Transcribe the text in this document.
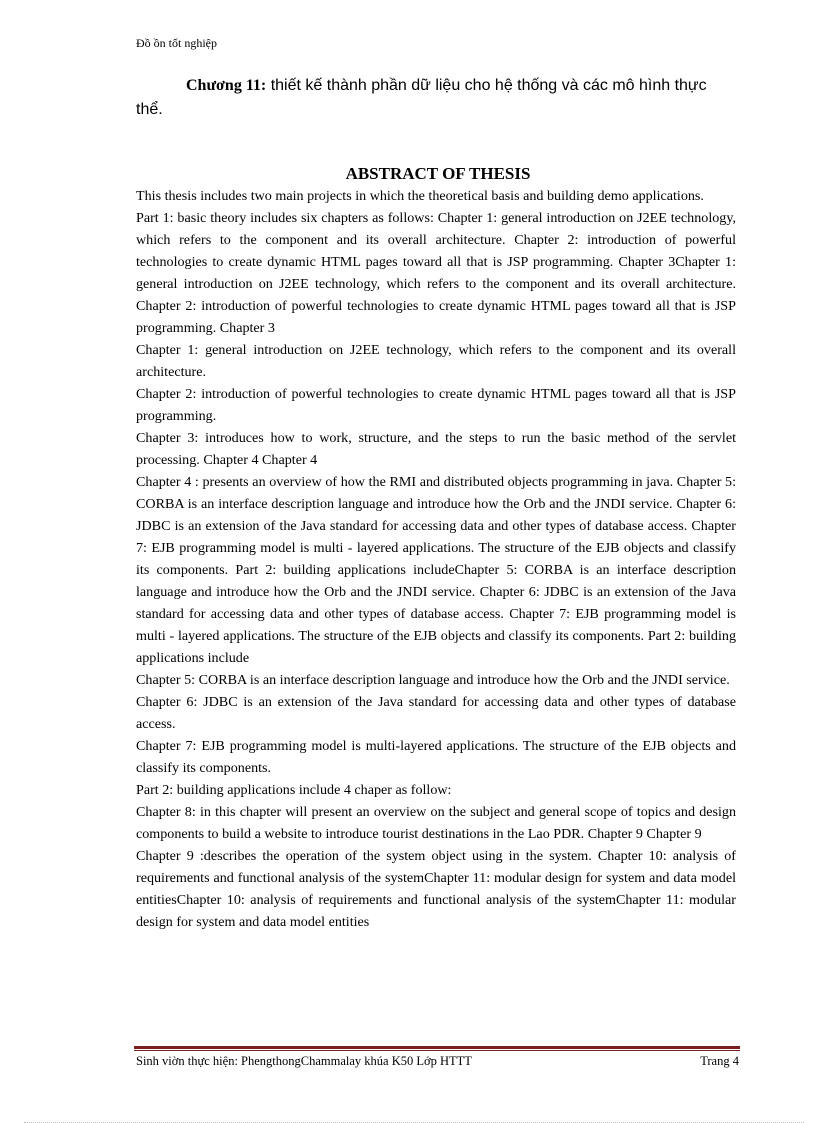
Đồ ồn tốt nghiệp
Chương 11: thiết kế thành phần dữ liệu cho hệ thống và các mô hình thực thể.
ABSTRACT OF THESIS

This thesis includes two main projects in which the theoretical basis and building demo applications.

Part 1: basic theory includes six chapters as follows: Chapter 1: general introduction on J2EE technology, which refers to the component and its overall architecture. Chapter 2: introduction of powerful technologies to create dynamic HTML pages toward all that is JSP programming. Chapter 3Chapter 1: general introduction on J2EE technology, which refers to the component and its overall architecture. Chapter 2: introduction of powerful technologies to create dynamic HTML pages toward all that is JSP programming. Chapter 3

Chapter 1: general introduction on J2EE technology, which refers to the component and its overall architecture.

Chapter 2: introduction of powerful technologies to create dynamic HTML pages toward all that is JSP programming.

Chapter 3: introduces how to work, structure, and the steps to run the basic method of the servlet processing. Chapter 4 Chapter 4

Chapter 4 : presents an overview of how the RMI and distributed objects programming in java. Chapter 5: CORBA is an interface description language and introduce how the Orb and the JNDI service. Chapter 6: JDBC is an extension of the Java standard for accessing data and other types of database access. Chapter 7: EJB programming model is multi - layered applications. The structure of the EJB objects and classify its components. Part 2: building applications includeChapter 5: CORBA is an interface description language and introduce how the Orb and the JNDI service. Chapter 6: JDBC is an extension of the Java standard for accessing data and other types of database access. Chapter 7: EJB programming model is multi - layered applications. The structure of the EJB objects and classify its components. Part 2: building applications include

Chapter 5: CORBA is an interface description language and introduce how the Orb and the JNDI service.

Chapter 6: JDBC is an extension of the Java standard for accessing data and other types of database access.

Chapter 7: EJB programming model is multi-layered applications. The structure of the EJB objects and classify its components.

Part 2: building applications include 4 chaper as follow:

Chapter 8: in this chapter will present an overview on the subject and general scope of topics and design components to build a website to introduce tourist destinations in the Lao PDR. Chapter 9 Chapter 9

Chapter 9 :describes the operation of the system object using in the system. Chapter 10: analysis of requirements and functional analysis of the systemChapter 11: modular design for system and data model entitiesChapter 10: analysis of requirements and functional analysis of the systemChapter 11: modular design for system and data model entities

Sinh viờn thực hiện: PhengthongChammalay khúa K50 Lớp HTTT	Trang 4
